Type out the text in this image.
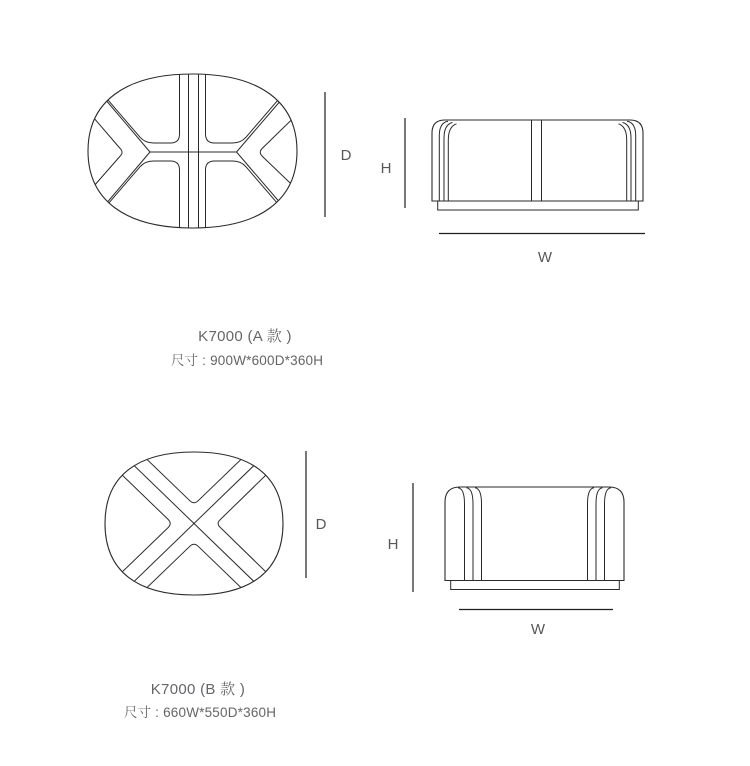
D
H
W
K7000 (A 款 )
尺寸 : 900W*600D*360H
D
H
W
K7000 (B 款 )
尺寸 : 660W*550D*360H
